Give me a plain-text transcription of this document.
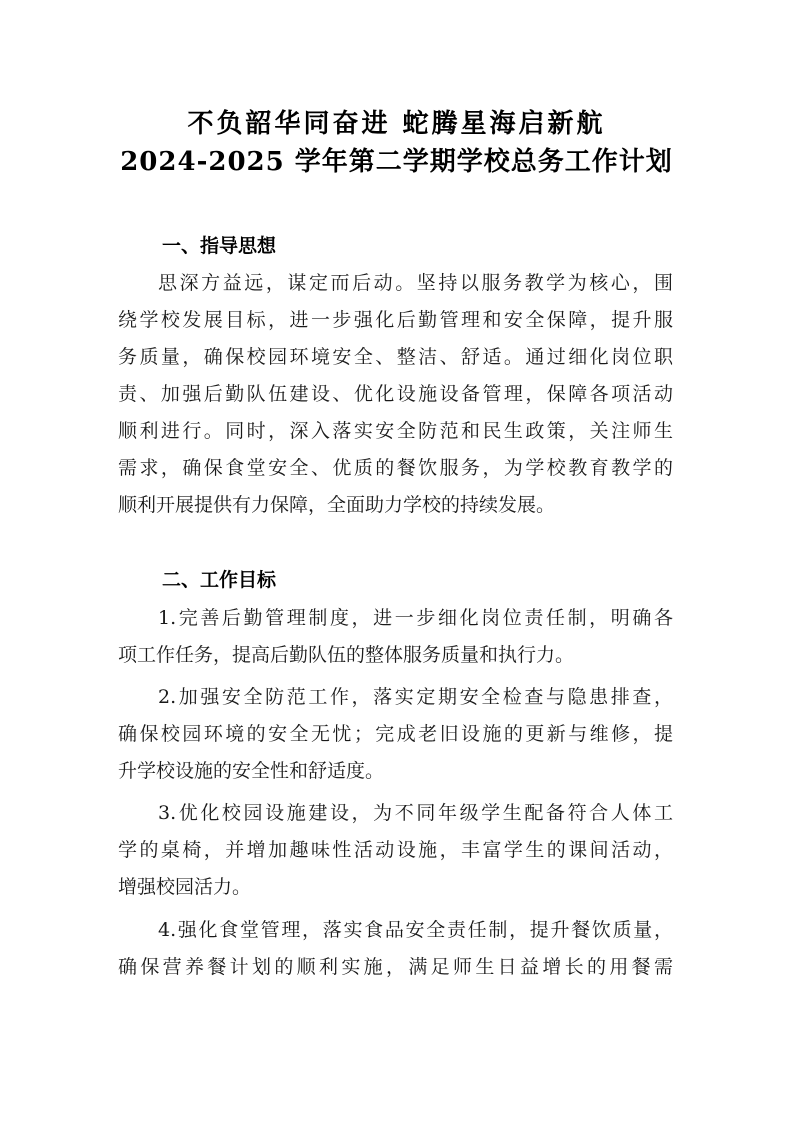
不负韶华同奋进 蛇腾星海启新航
2024-2025 学年第二学期学校总务工作计划
一、指导思想
思深方益远，谋定而后动。坚持以服务教学为核心，围
绕学校发展目标，进一步强化后勤管理和安全保障，提升服
务质量，确保校园环境安全、整洁、舒适。通过细化岗位职
责、加强后勤队伍建设、优化设施设备管理，保障各项活动
顺利进行。同时，深入落实安全防范和民生政策，关注师生
需求，确保食堂安全、优质的餐饮服务，为学校教育教学的
顺利开展提供有力保障，全面助力学校的持续发展。
二、工作目标
1.完善后勤管理制度，进一步细化岗位责任制，明确各
项工作任务，提高后勤队伍的整体服务质量和执行力。
2.加强安全防范工作，落实定期安全检查与隐患排查，
确保校园环境的安全无忧；完成老旧设施的更新与维修，提
升学校设施的安全性和舒适度。
3.优化校园设施建设，为不同年级学生配备符合人体工
学的桌椅，并增加趣味性活动设施，丰富学生的课间活动，
增强校园活力。
4.强化食堂管理，落实食品安全责任制，提升餐饮质量，
确保营养餐计划的顺利实施，满足师生日益增长的用餐需
